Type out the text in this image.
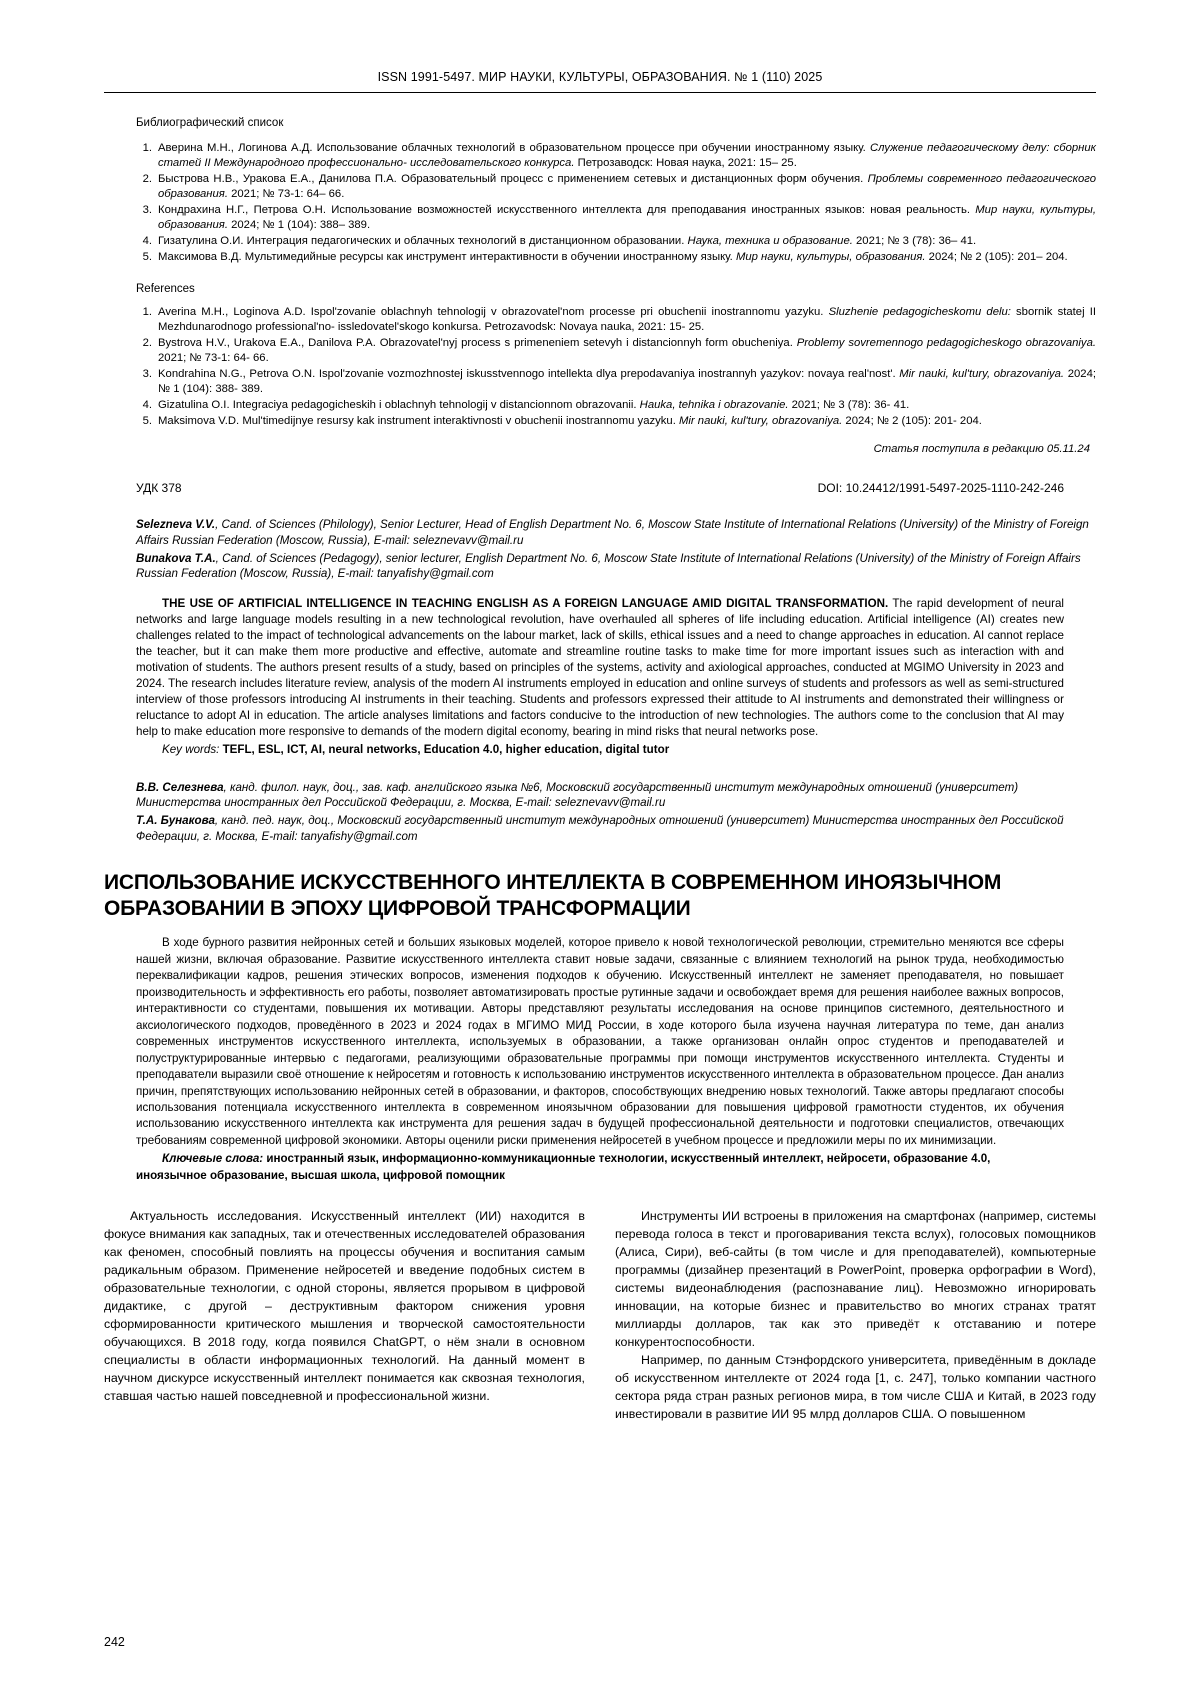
ISSN 1991-5497. МИР НАУКИ, КУЛЬТУРЫ, ОБРАЗОВАНИЯ. № 1 (110) 2025
Библиографический список
1. Аверина М.Н., Логинова А.Д. Использование облачных технологий в образовательном процессе при обучении иностранному языку. Служение педагогическому делу: сборник статей II Международного профессионально- исследовательского конкурса. Петрозаводск: Новая наука, 2021: 15– 25.
2. Быстрова Н.В., Уракова Е.А., Данилова П.А. Образовательный процесс с применением сетевых и дистанционных форм обучения. Проблемы современного педагогического образования. 2021; № 73-1: 64– 66.
3. Кондрахина Н.Г., Петрова О.Н. Использование возможностей искусственного интеллекта для преподавания иностранных языков: новая реальность. Мир науки, культуры, образования. 2024; № 1 (104): 388– 389.
4. Гизатулина О.И. Интеграция педагогических и облачных технологий в дистанционном образовании. Наука, техника и образование. 2021; № 3 (78): 36– 41.
5. Максимова В.Д. Мультимедийные ресурсы как инструмент интерактивности в обучении иностранному языку. Мир науки, культуры, образования. 2024; № 2 (105): 201– 204.
References
1. Averina M.H., Loginova A.D. Ispol'zovanie oblachnyh tehnologij v obrazovatel'nom processe pri obuchenii inostrannomu yazyku. Sluzhenie pedagogicheskomu delu: sbornik statej II Mezhdunarodnogo professional'no- issledovatel'skogo konkursa. Petrozavodsk: Novaya nauka, 2021: 15- 25.
2. Bystrova H.V., Urakova E.A., Danilova P.A. Obrazovatel'nyj process s primeneniem setevyh i distancionnyh form obucheniya. Problemy sovremennogo pedagogicheskogo obrazovaniya. 2021; № 73-1: 64- 66.
3. Kondrahina N.G., Petrova O.N. Ispol'zovanie vozmozhnostej iskusstvennogo intellekta dlya prepodavaniya inostrannyh yazykov: novaya real'nost'. Mir nauki, kul'tury, obrazovaniya. 2024; № 1 (104): 388- 389.
4. Gizatulina O.I. Integraciya pedagogicheskih i oblachnyh tehnologij v distancionnom obrazovanii. Hauka, tehnika i obrazovanie. 2021; № 3 (78): 36- 41.
5. Maksimova V.D. Mul'timedijnye resursy kak instrument interaktivnosti v obuchenii inostrannomu yazyku. Mir nauki, kul'tury, obrazovaniya. 2024; № 2 (105): 201- 204.
Статья поступила в редакцию 05.11.24
УДК 378	DOI: 10.24412/1991-5497-2025-1110-242-246

Selezneva V.V., Cand. of Sciences (Philology), Senior Lecturer, Head of English Department No. 6, Moscow State Institute of International Relations (University) of the Ministry of Foreign Affairs Russian Federation (Moscow, Russia), E-mail: seleznevavv@mail.ru

Bunakova T.A., Cand. of Sciences (Pedagogy), senior lecturer, English Department No. 6, Moscow State Institute of International Relations (University) of the Ministry of Foreign Affairs Russian Federation (Moscow, Russia), E-mail: tanyafishy@gmail.com

THE USE OF ARTIFICIAL INTELLIGENCE IN TEACHING ENGLISH AS A FOREIGN LANGUAGE AMID DIGITAL TRANSFORMATION. The rapid development of neural networks and large language models resulting in a new technological revolution, have overhauled all spheres of life including education. Artificial intelligence (AI) creates new challenges related to the impact of technological advancements on the labour market, lack of skills, ethical issues and a need to change approaches in education. AI cannot replace the teacher, but it can make them more productive and effective, automate and streamline routine tasks to make time for more important issues such as interaction with and motivation of students. The authors present results of a study, based on principles of the systems, activity and axiological approaches, conducted at MGIMO University in 2023 and 2024. The research includes literature review, analysis of the modern AI instruments employed in education and online surveys of students and professors as well as semi-structured interview of those professors introducing AI instruments in their teaching. Students and professors expressed their attitude to AI instruments and demonstrated their willingness or reluctance to adopt AI in education. The article analyses limitations and factors conducive to the introduction of new technologies. The authors come to the conclusion that AI may help to make education more responsive to demands of the modern digital economy, bearing in mind risks that neural networks pose.
Key words: TEFL, ESL, ICT, AI, neural networks, Education 4.0, higher education, digital tutor

В.В. Селезнева, канд. филол. наук, доц., зав. каф. английского языка №6, Московский государственный институт международных отношений (университет) Министерства иностранных дел Российской Федерации, г. Москва, E-mail: seleznevavv@mail.ru

Т.А. Бунакова, канд. пед. наук, доц., Московский государственный институт международных отношений (университет) Министерства иностранных дел Российской Федерации, г. Москва, E-mail: tanyafishy@gmail.com

ИСПОЛЬЗОВАНИЕ ИСКУССТВЕННОГО ИНТЕЛЛЕКТА В СОВРЕМЕННОМ ИНОЯЗЫЧНОМ ОБРАЗОВАНИИ В ЭПОХУ ЦИФРОВОЙ ТРАНСФОРМАЦИИ
В ходе бурного развития нейронных сетей и больших языковых моделей, которое привело к новой технологической революции, стремительно меняются все сферы нашей жизни, включая образование. Развитие искусственного интеллекта ставит новые задачи, связанные с влиянием технологий на рынок труда, необходимостью переквалификации кадров, решения этических вопросов, изменения подходов к обучению. Искусственный интеллект не заменяет преподавателя, но повышает производительность и эффективность его работы, позволяет автоматизировать простые рутинные задачи и освобождает время для решения наиболее важных вопросов, интерактивности со студентами, повышения их мотивации. Авторы представляют результаты исследования на основе принципов системного, деятельностного и аксиологического подходов, проведённого в 2023 и 2024 годах в МГИМО МИД России, в ходе которого была изучена научная литература по теме, дан анализ современных инструментов искусственного интеллекта, используемых в образовании, а также организован онлайн опрос студентов и преподавателей и полуструктурированные интервью с педагогами, реализующими образовательные программы при помощи инструментов искусственного интеллекта. Студенты и преподаватели выразили своё отношение к нейросетям и готовность к использованию инструментов искусственного интеллекта в образовательном процессе. Дан анализ причин, препятствующих использованию нейронных сетей в образовании, и факторов, способствующих внедрению новых технологий. Также авторы предлагают способы использования потенциала искусственного интеллекта в современном иноязычном образовании для повышения цифровой грамотности студентов, их обучения использованию искусственного интеллекта как инструмента для решения задач в будущей профессиональной деятельности и подготовки специалистов, отвечающих требованиям современной цифровой экономики. Авторы оценили риски применения нейросетей в учебном процессе и предложили меры по их минимизации.
Ключевые слова: иностранный язык, информационно-коммуникационные технологии, искусственный интеллект, нейросети, образование 4.0, иноязычное образование, высшая школа, цифровой помощник

Актуальность исследования. Искусственный интеллект (ИИ) находится в фокусе внимания как западных, так и отечественных исследователей образования как феномен, способный повлиять на процессы обучения и воспитания самым радикальным образом. Применение нейросетей и введение подобных систем в образовательные технологии, с одной стороны, является прорывом в цифровой дидактике, с другой – деструктивным фактором снижения уровня сформированности критического мышления и творческой самостоятельности обучающихся. В 2018 году, когда появился ChatGPT, о нём знали в основном специалисты в области информационных технологий. На данный момент в научном дискурсе искусственный интеллект понимается как сквозная технология, ставшая частью нашей повседневной и профессиональной жизни.

Инструменты ИИ встроены в приложения на смартфонах (например, системы перевода голоса в текст и проговаривания текста вслух), голосовых помощников (Алиса, Сири), веб-сайты (в том числе и для преподавателей), компьютерные программы (дизайнер презентаций в PowerPoint, проверка орфографии в Word), системы видеонаблюдения (распознавание лиц). Невозможно игнорировать инновации, на которые бизнес и правительство во многих странах тратят миллиарды долларов, так как это приведёт к отставанию и потере конкурентоспособности.

Например, по данным Стэнфордского университета, приведённым в докладе об искусственном интеллекте от 2024 года [1, с. 247], только компании частного сектора ряда стран разных регионов мира, в том числе США и Китай, в 2023 году инвестировали в развитие ИИ 95 млрд долларов США. О повышенном

242
